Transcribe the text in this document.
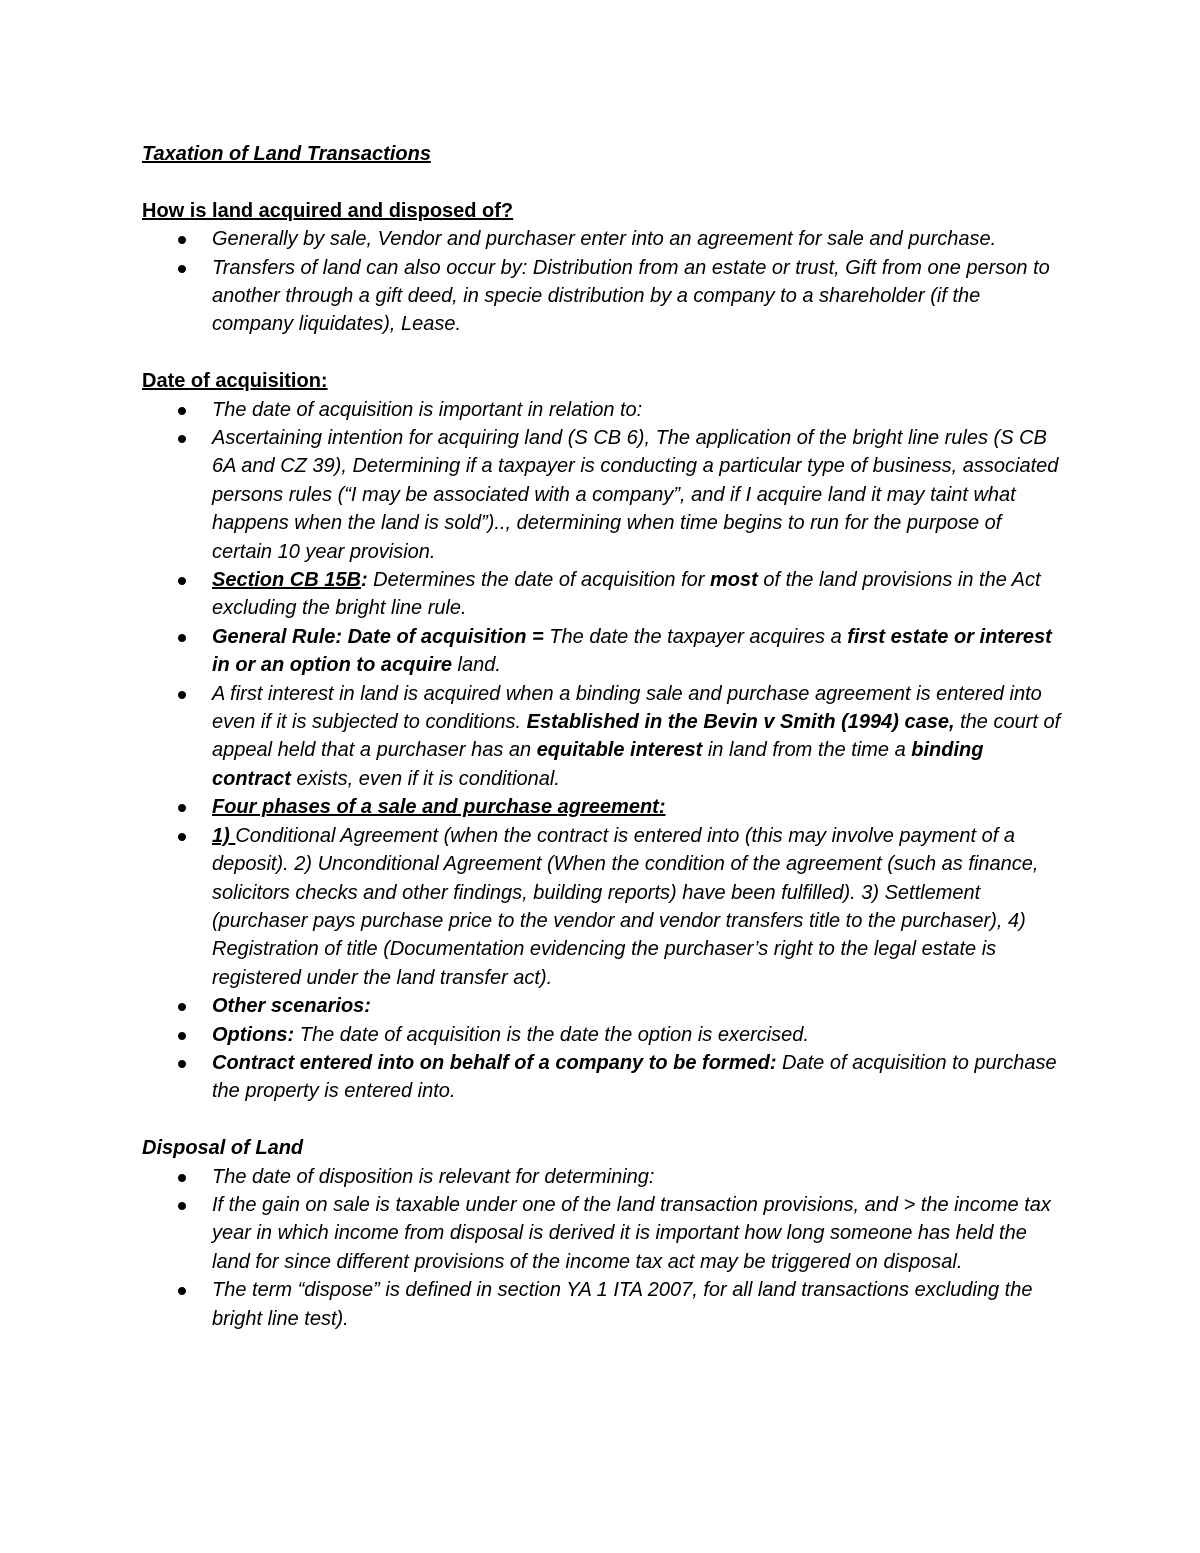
Taxation of Land Transactions

How is land acquired and disposed of?

Generally by sale, Vendor and purchaser enter into an agreement for sale and purchase.
Transfers of land can also occur by: Distribution from an estate or trust, Gift from one person to another through a gift deed, in specie distribution by a company to a shareholder (if the company liquidates), Lease.

Date of acquisition:

The date of acquisition is important in relation to:
Ascertaining intention for acquiring land (S CB 6), The application of the bright line rules (S CB 6A and CZ 39), Determining if a taxpayer is conducting a particular type of business, associated persons rules (“I may be associated with a company”, and if I acquire land it may taint what happens when the land is sold”).., determining when time begins to run for the purpose of certain 10 year provision.
Section CB 15B: Determines the date of acquisition for most of the land provisions in the Act excluding the bright line rule.
General Rule: Date of acquisition = The date the taxpayer acquires a first estate or interest in or an option to acquire land.
A first interest in land is acquired when a binding sale and purchase agreement is entered into even if it is subjected to conditions. Established in the Bevin v Smith (1994) case, the court of appeal held that a purchaser has an equitable interest in land from the time a binding contract exists, even if it is conditional.
Four phases of a sale and purchase agreement:
1) Conditional Agreement (when the contract is entered into (this may involve payment of a deposit). 2) Unconditional Agreement (When the condition of the agreement (such as finance, solicitors checks and other findings, building reports) have been fulfilled). 3) Settlement (purchaser pays purchase price to the vendor and vendor transfers title to the purchaser), 4) Registration of title (Documentation evidencing the purchaser’s right to the legal estate is registered under the land transfer act).
Other scenarios:
Options: The date of acquisition is the date the option is exercised.
Contract entered into on behalf of a company to be formed: Date of acquisition to purchase the property is entered into.

Disposal of Land

The date of disposition is relevant for determining:
If the gain on sale is taxable under one of the land transaction provisions, and > the income tax year in which income from disposal is derived it is important how long someone has held the land for since different provisions of the income tax act may be triggered on disposal.
The term “dispose” is defined in section YA 1 ITA 2007, for all land transactions excluding the bright line test).
